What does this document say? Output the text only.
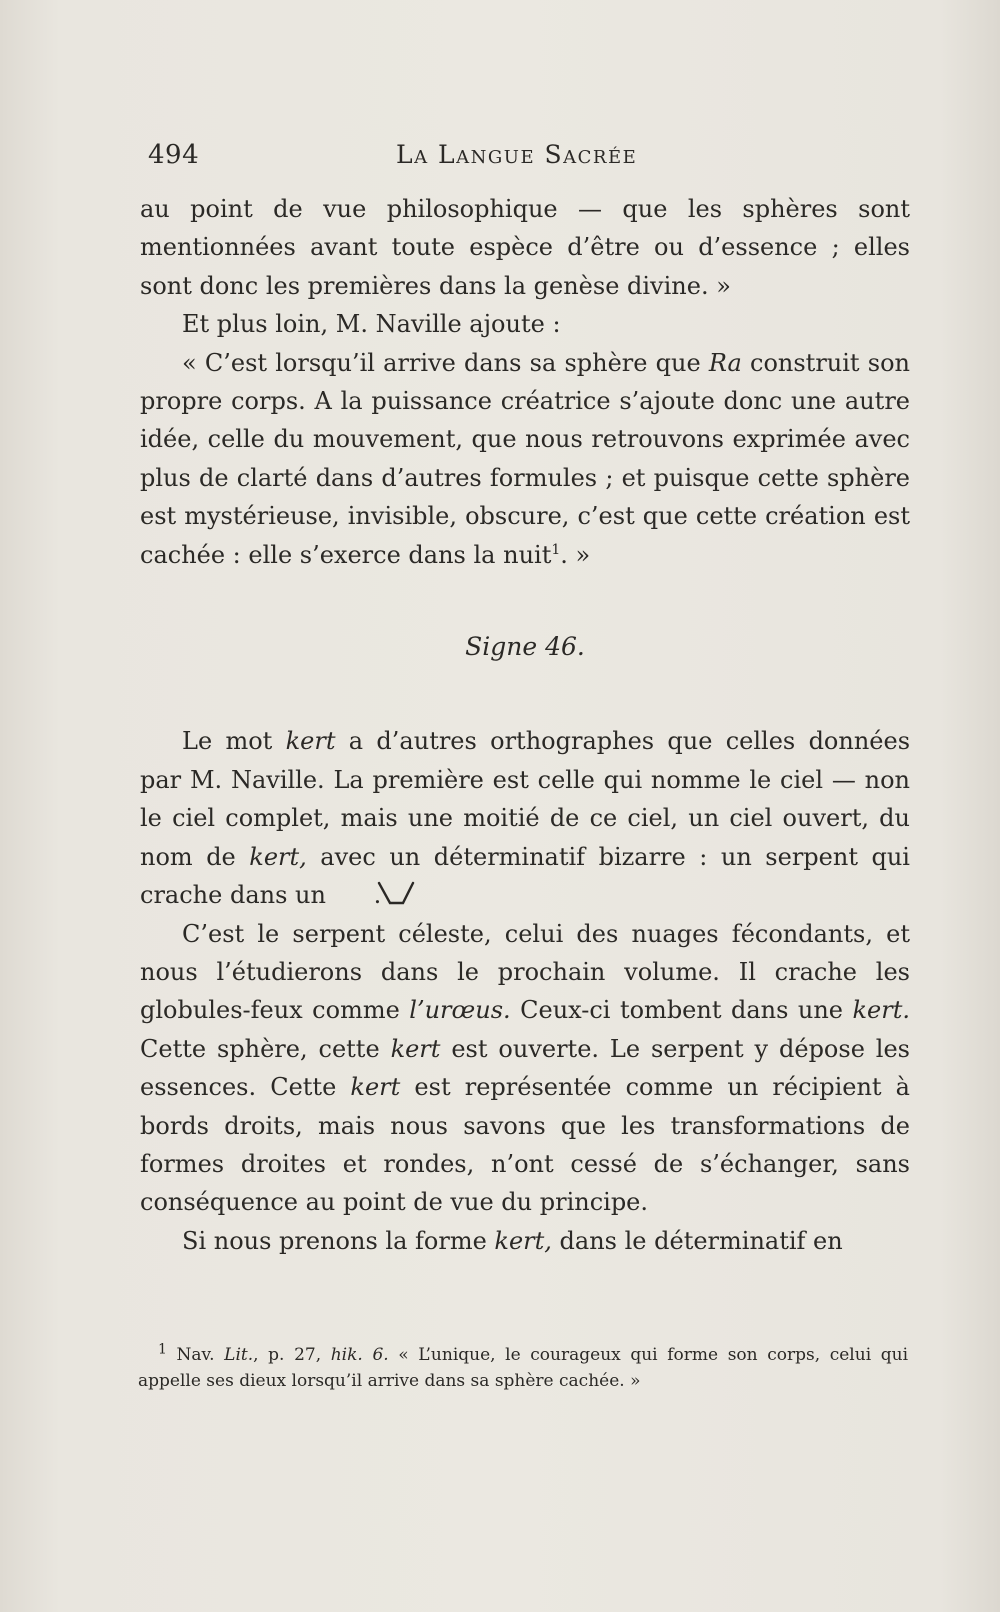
494	La Langue Sacrée

au point de vue philosophique — que les sphères sont mentionnées avant toute espèce d’être ou d’essence ; elles sont donc les premières dans la genèse divine. »

Et plus loin, M. Naville ajoute :

« C’est lorsqu’il arrive dans sa sphère que Ra construit son propre corps. A la puissance créatrice s’ajoute donc une autre idée, celle du mouvement, que nous retrouvons exprimée avec plus de clarté dans d’autres formules ; et puisque cette sphère est mystérieuse, invisible, obscure, c’est que cette création est cachée : elle s’exerce dans la nuit$^1$. »

Signe 46.

Le mot kert a d’autres orthographes que celles données par M. Naville. La première est celle qui nomme le ciel — non le ciel complet, mais une moitié de ce ciel, un ciel ouvert, du nom de kert, avec un déterminatif bizarre : un serpent qui crache dans un .

C’est le serpent céleste, celui des nuages fécondants, et nous l’étudierons dans le prochain volume. Il crache les globules-feux comme l’urœus. Ceux-ci tombent dans une kert. Cette sphère, cette kert est ouverte. Le serpent y dépose les essences. Cette kert est représentée comme un récipient à bords droits, mais nous savons que les transformations de formes droites et rondes, n’ont cessé de s’échanger, sans conséquence au point de vue du principe.

Si nous prenons la forme kert, dans le déterminatif en

$^1$ Nav. Lit., p. 27, hik. 6. « L’unique, le courageux qui forme son corps, celui qui appelle ses dieux lorsqu’il arrive dans sa sphère cachée. »
